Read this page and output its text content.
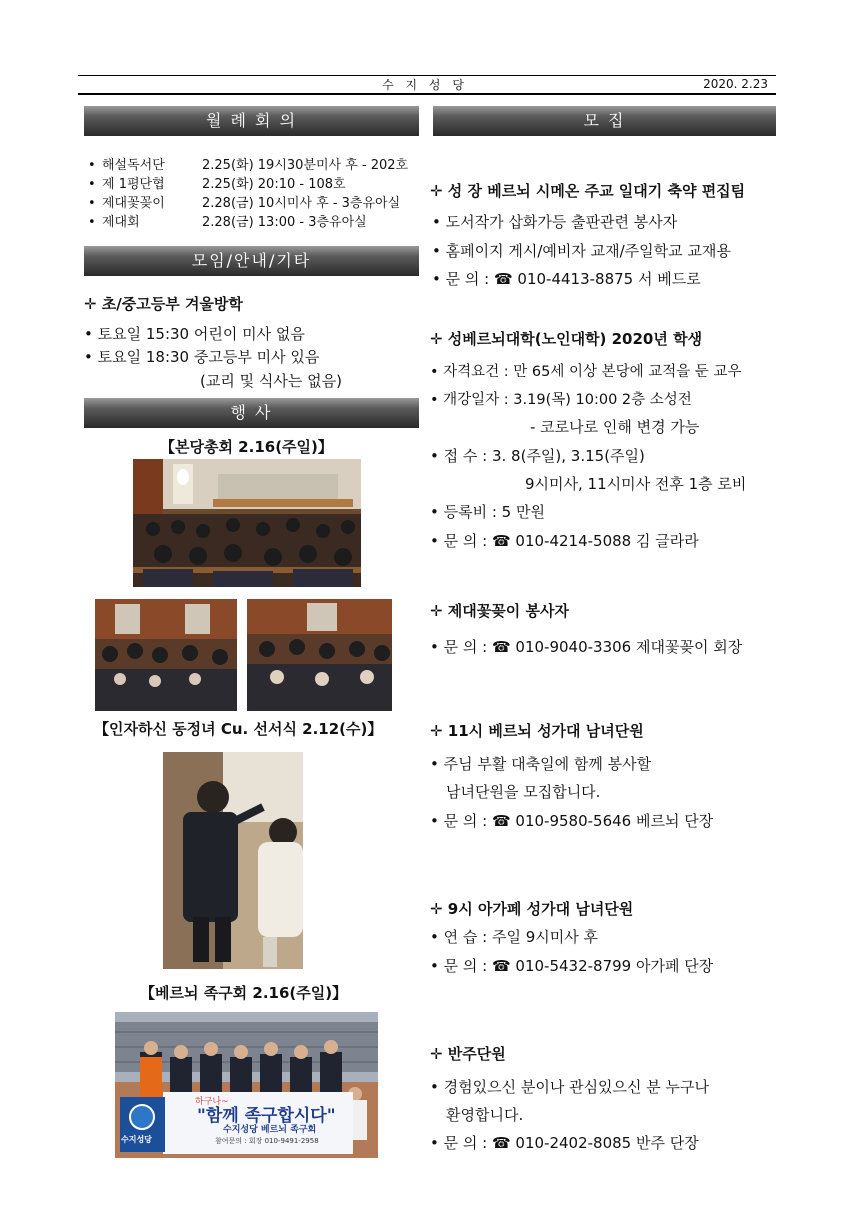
수 지 성 당	2020. 2.23
월 례 회 의
• 해설독서단	2.25(화) 19시30분미사 후 - 202호
• 제 1평단협	2.25(화) 20:10 - 108호
• 제대꽃꽂이	2.28(금) 10시미사 후 - 3층유아실
• 제대회	2.28(금) 13:00 - 3층유아실
모임/안내/기타
✛ 초/중고등부 겨울방학
• 토요일 15:30 어린이 미사 없음
• 토요일 18:30 중고등부 미사 있음
(교리 및 식사는 없음)
행 사
【본당총회 2.16(주일)】
【인자하신 동정녀 Cu. 선서식 2.12(수)】
【베르뇌 족구회 2.16(주일)】
하구나~
"함께 족구합시다"
수지성당 베르뇌 족구회
참여문의 : 회장 010-9491-2958
수지성당
모 집
✛ 성 장 베르뇌 시메온 주교 일대기 축약 편집팀
• 도서작가 삽화가등 출판관련 봉사자
• 홈페이지 게시/예비자 교재/주일학교 교재용
• 문 의 : ☎ 010-4413-8875 서 베드로
✛ 성베르뇌대학(노인대학) 2020년 학생
• 자격요건 : 만 65세 이상 본당에 교적을 둔 교우
• 개강일자 : 3.19(목) 10:00 2층 소성전
- 코로나로 인해 변경 가능
• 접 수 : 3. 8(주일), 3.15(주일)
9시미사, 11시미사 전후 1층 로비
• 등록비 : 5 만원
• 문 의 : ☎ 010-4214-5088 김 글라라
✛ 제대꽃꽂이 봉사자
• 문 의 : ☎ 010-9040-3306 제대꽃꽂이 회장
✛ 11시 베르뇌 성가대 남녀단원
• 주님 부활 대축일에 함께 봉사할
남녀단원을 모집합니다.
• 문 의 : ☎ 010-9580-5646 베르뇌 단장
✛ 9시 아가페 성가대 남녀단원
• 연 습 : 주일 9시미사 후
• 문 의 : ☎ 010-5432-8799 아가페 단장
✛ 반주단원
• 경험있으신 분이나 관심있으신 분 누구나
환영합니다.
• 문 의 : ☎ 010-2402-8085 반주 단장
